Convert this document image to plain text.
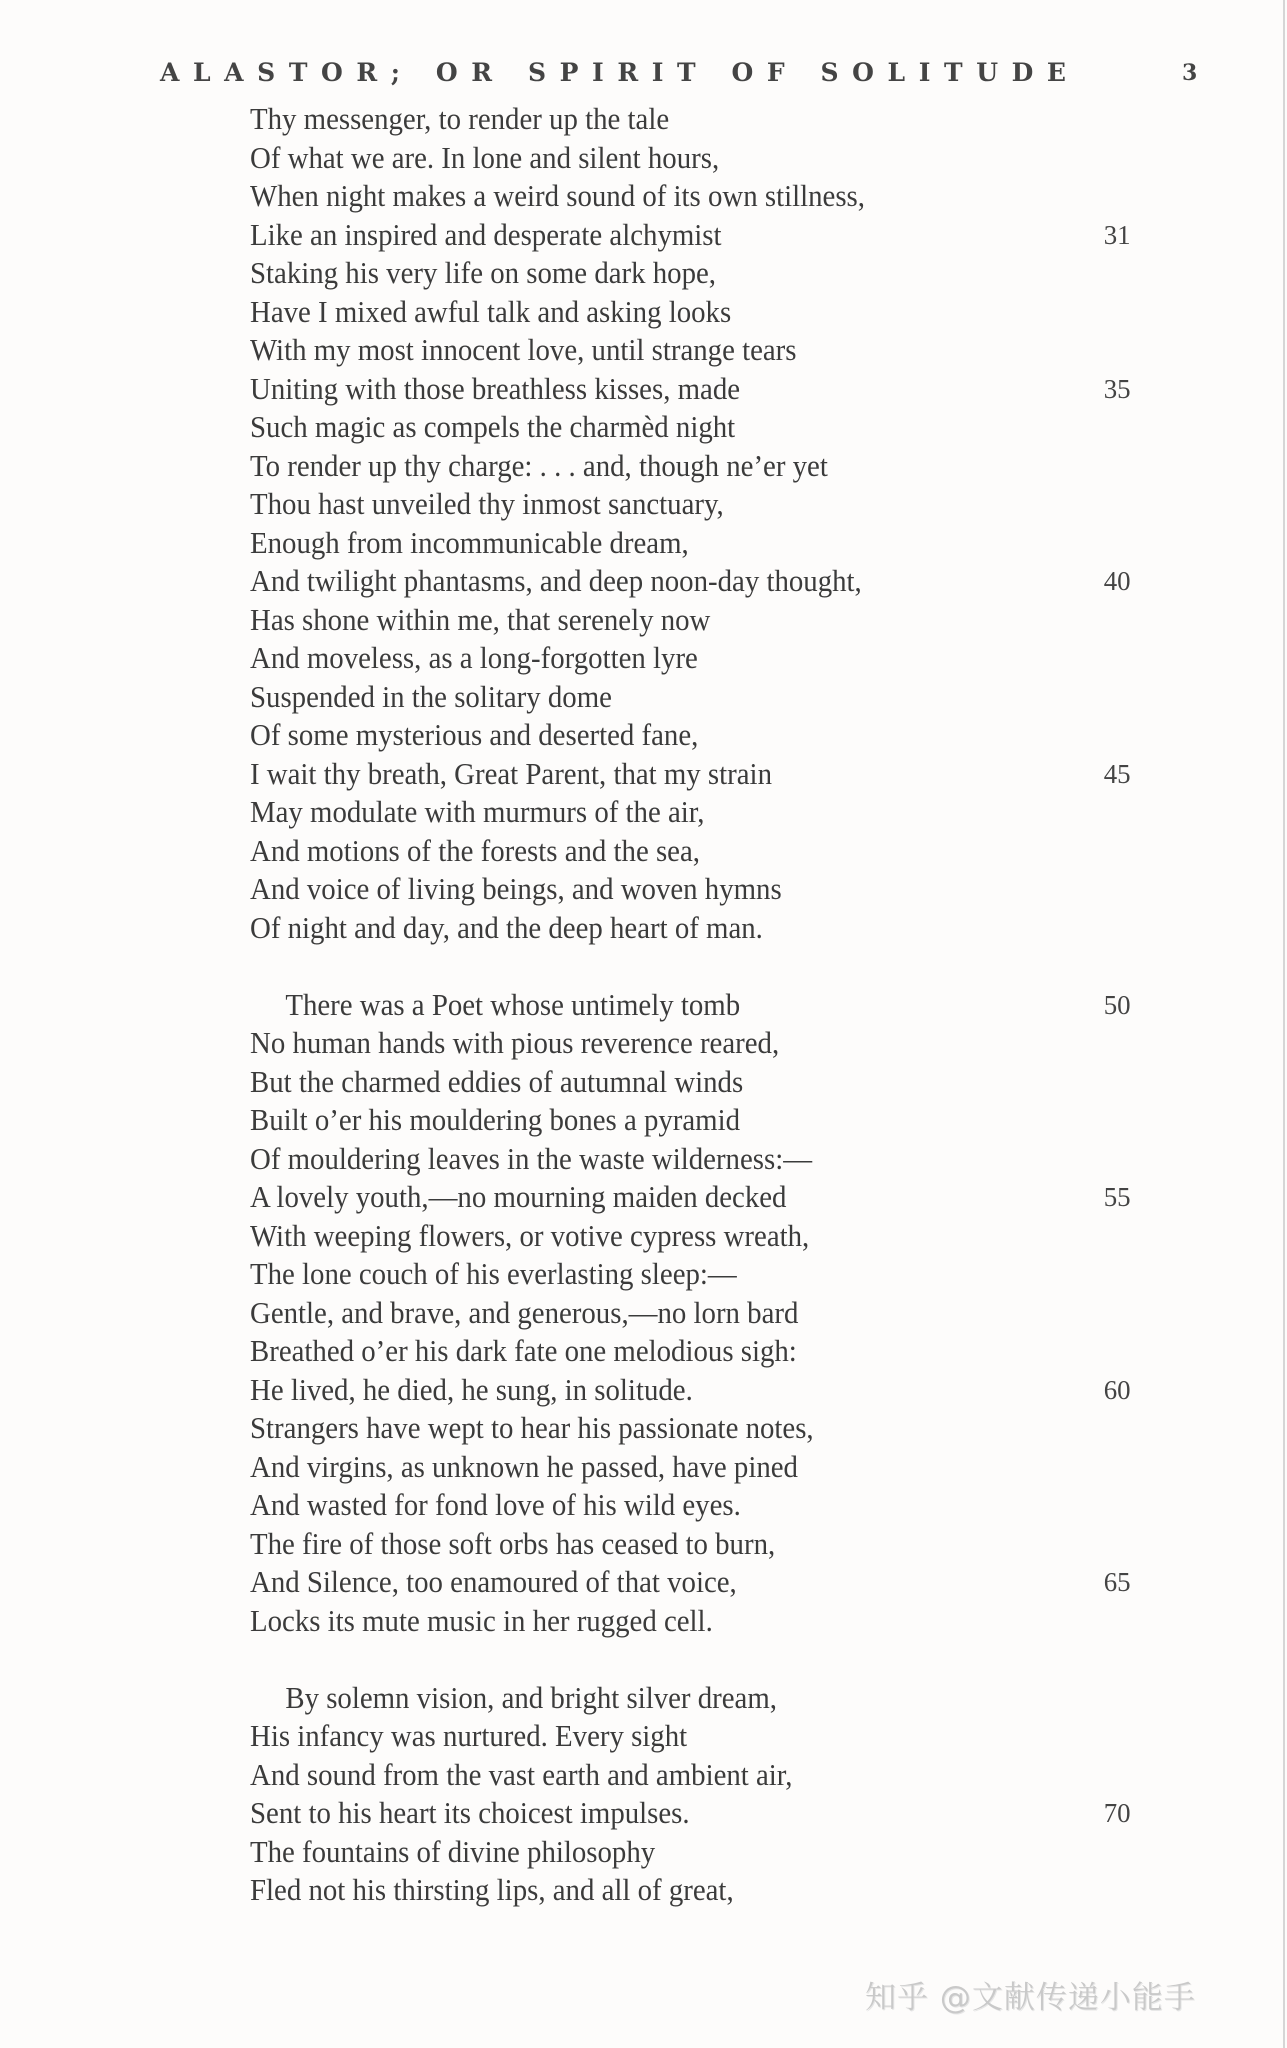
ALASTOR; OR SPIRIT OF SOLITUDE	3
Thy messenger, to render up the tale
Of what we are. In lone and silent hours,
When night makes a weird sound of its own stillness,
Like an inspired and desperate alchymist	31
Staking his very life on some dark hope,
Have I mixed awful talk and asking looks
With my most innocent love, until strange tears
Uniting with those breathless kisses, made	35
Such magic as compels the charmèd night
To render up thy charge: . . . and, though ne’er yet
Thou hast unveiled thy inmost sanctuary,
Enough from incommunicable dream,
And twilight phantasms, and deep noon-day thought,	40
Has shone within me, that serenely now
And moveless, as a long-forgotten lyre
Suspended in the solitary dome
Of some mysterious and deserted fane,
I wait thy breath, Great Parent, that my strain	45
May modulate with murmurs of the air,
And motions of the forests and the sea,
And voice of living beings, and woven hymns
Of night and day, and the deep heart of man.
There was a Poet whose untimely tomb	50
No human hands with pious reverence reared,
But the charmed eddies of autumnal winds
Built o’er his mouldering bones a pyramid
Of mouldering leaves in the waste wilderness:—
A lovely youth,—no mourning maiden decked	55
With weeping flowers, or votive cypress wreath,
The lone couch of his everlasting sleep:—
Gentle, and brave, and generous,—no lorn bard
Breathed o’er his dark fate one melodious sigh:
He lived, he died, he sung, in solitude.	60
Strangers have wept to hear his passionate notes,
And virgins, as unknown he passed, have pined
And wasted for fond love of his wild eyes.
The fire of those soft orbs has ceased to burn,
And Silence, too enamoured of that voice,	65
Locks its mute music in her rugged cell.
By solemn vision, and bright silver dream,
His infancy was nurtured. Every sight
And sound from the vast earth and ambient air,
Sent to his heart its choicest impulses.	70
The fountains of divine philosophy
Fled not his thirsting lips, and all of great,
知乎 @文献传递小能手
